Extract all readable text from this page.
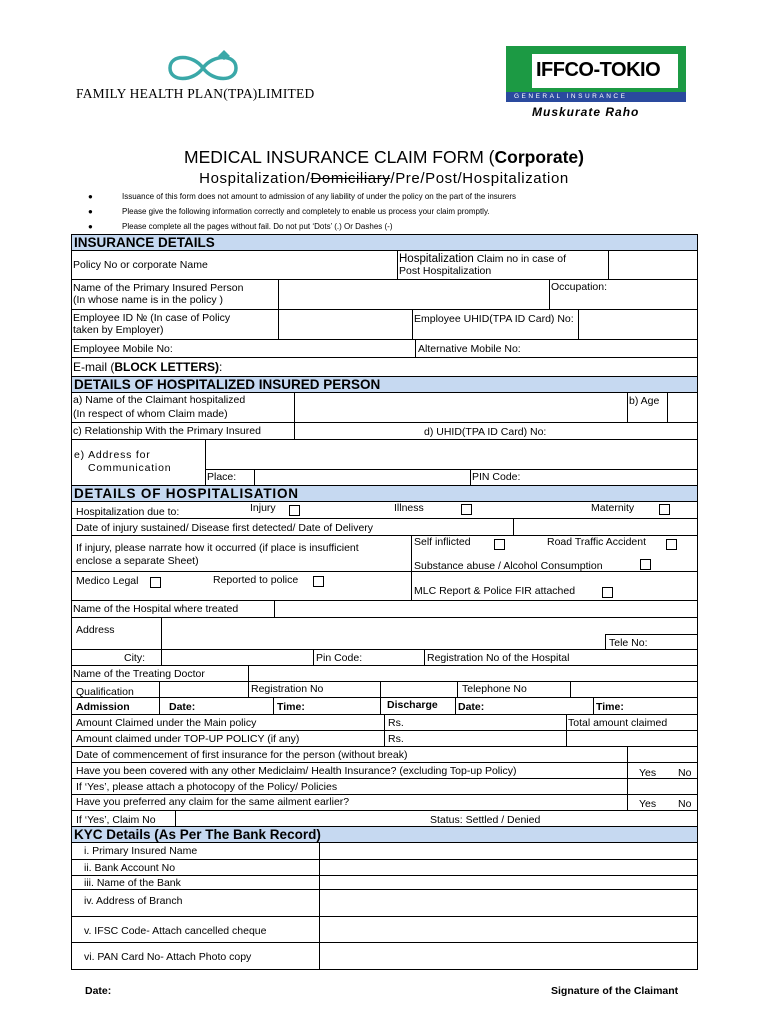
FAMILY HEALTH PLAN(TPA)LIMITED
IFFCO-TOKIO
GENERAL INSURANCE
Muskurate Raho
MEDICAL INSURANCE CLAIM FORM (Corporate)
Hospitalization/Domiciliary/Pre/Post/Hospitalization
●	Issuance of this form does not amount to admission of any liability of under the policy on the part of the insurers
●	Please give the following information correctly and completely to enable us process your claim promptly.
●	Please complete all the pages without fail. Do not put ‘Dots’ (.) Or Dashes (-)
INSURANCE DETAILS
Policy No or corporate Name	Hospitalization Claim no in case of
Post Hospitalization
Name of the Primary Insured Person
(In whose name is in the policy )
Occupation:
Employee ID № (In case of Policy
taken by Employer)
Employee UHID(TPA ID Card) No:
Employee Mobile No:	Alternative Mobile No:
E-mail (BLOCK LETTERS):
DETAILS OF HOSPITALIZED INSURED PERSON
a) Name of the Claimant hospitalized
(In respect of whom Claim made)
b) Age
c) Relationship With the Primary Insured	d) UHID(TPA ID Card) No:
e) Address for
Communication
Place:	PIN Code:
DETAILS OF HOSPITALISATION
Hospitalization due to:	Injury	Illness	Maternity
Date of injury sustained/ Disease first detected/ Date of Delivery
If injury, please narrate how it occurred (if place is insufficient
enclose a separate Sheet)
Self inflicted	Road Traffic Accident
Substance abuse / Alcohol Consumption
Medico Legal	Reported to police
MLC Report & Police FIR attached
Name of the Hospital where treated
Address
Tele No:
City:	Pin Code:	Registration No of the Hospital
Name of the Treating Doctor
Qualification	Registration No	Telephone No
Admission	Date:	Time:	Discharge Date:	Time:
Amount Claimed under the Main policy	Rs.	Total amount claimed
Amount claimed under TOP-UP POLICY (if any)	Rs.
Date of commencement of first insurance for the person (without break)
Have you been covered with any other Mediclaim/ Health Insurance? (excluding Top-up Policy)	Yes No
If ‘Yes’, please attach a photocopy of the Policy/ Policies
Have you preferred any claim for the same ailment earlier?	Yes No
If ‘Yes’, Claim No	Status: Settled / Denied
KYC Details (As Per The Bank Record)
i. Primary Insured Name
ii. Bank Account No
iii. Name of the Bank
iv. Address of Branch
v. IFSC Code- Attach cancelled cheque
vi. PAN Card No- Attach Photo copy
Date:	Signature of the Claimant
